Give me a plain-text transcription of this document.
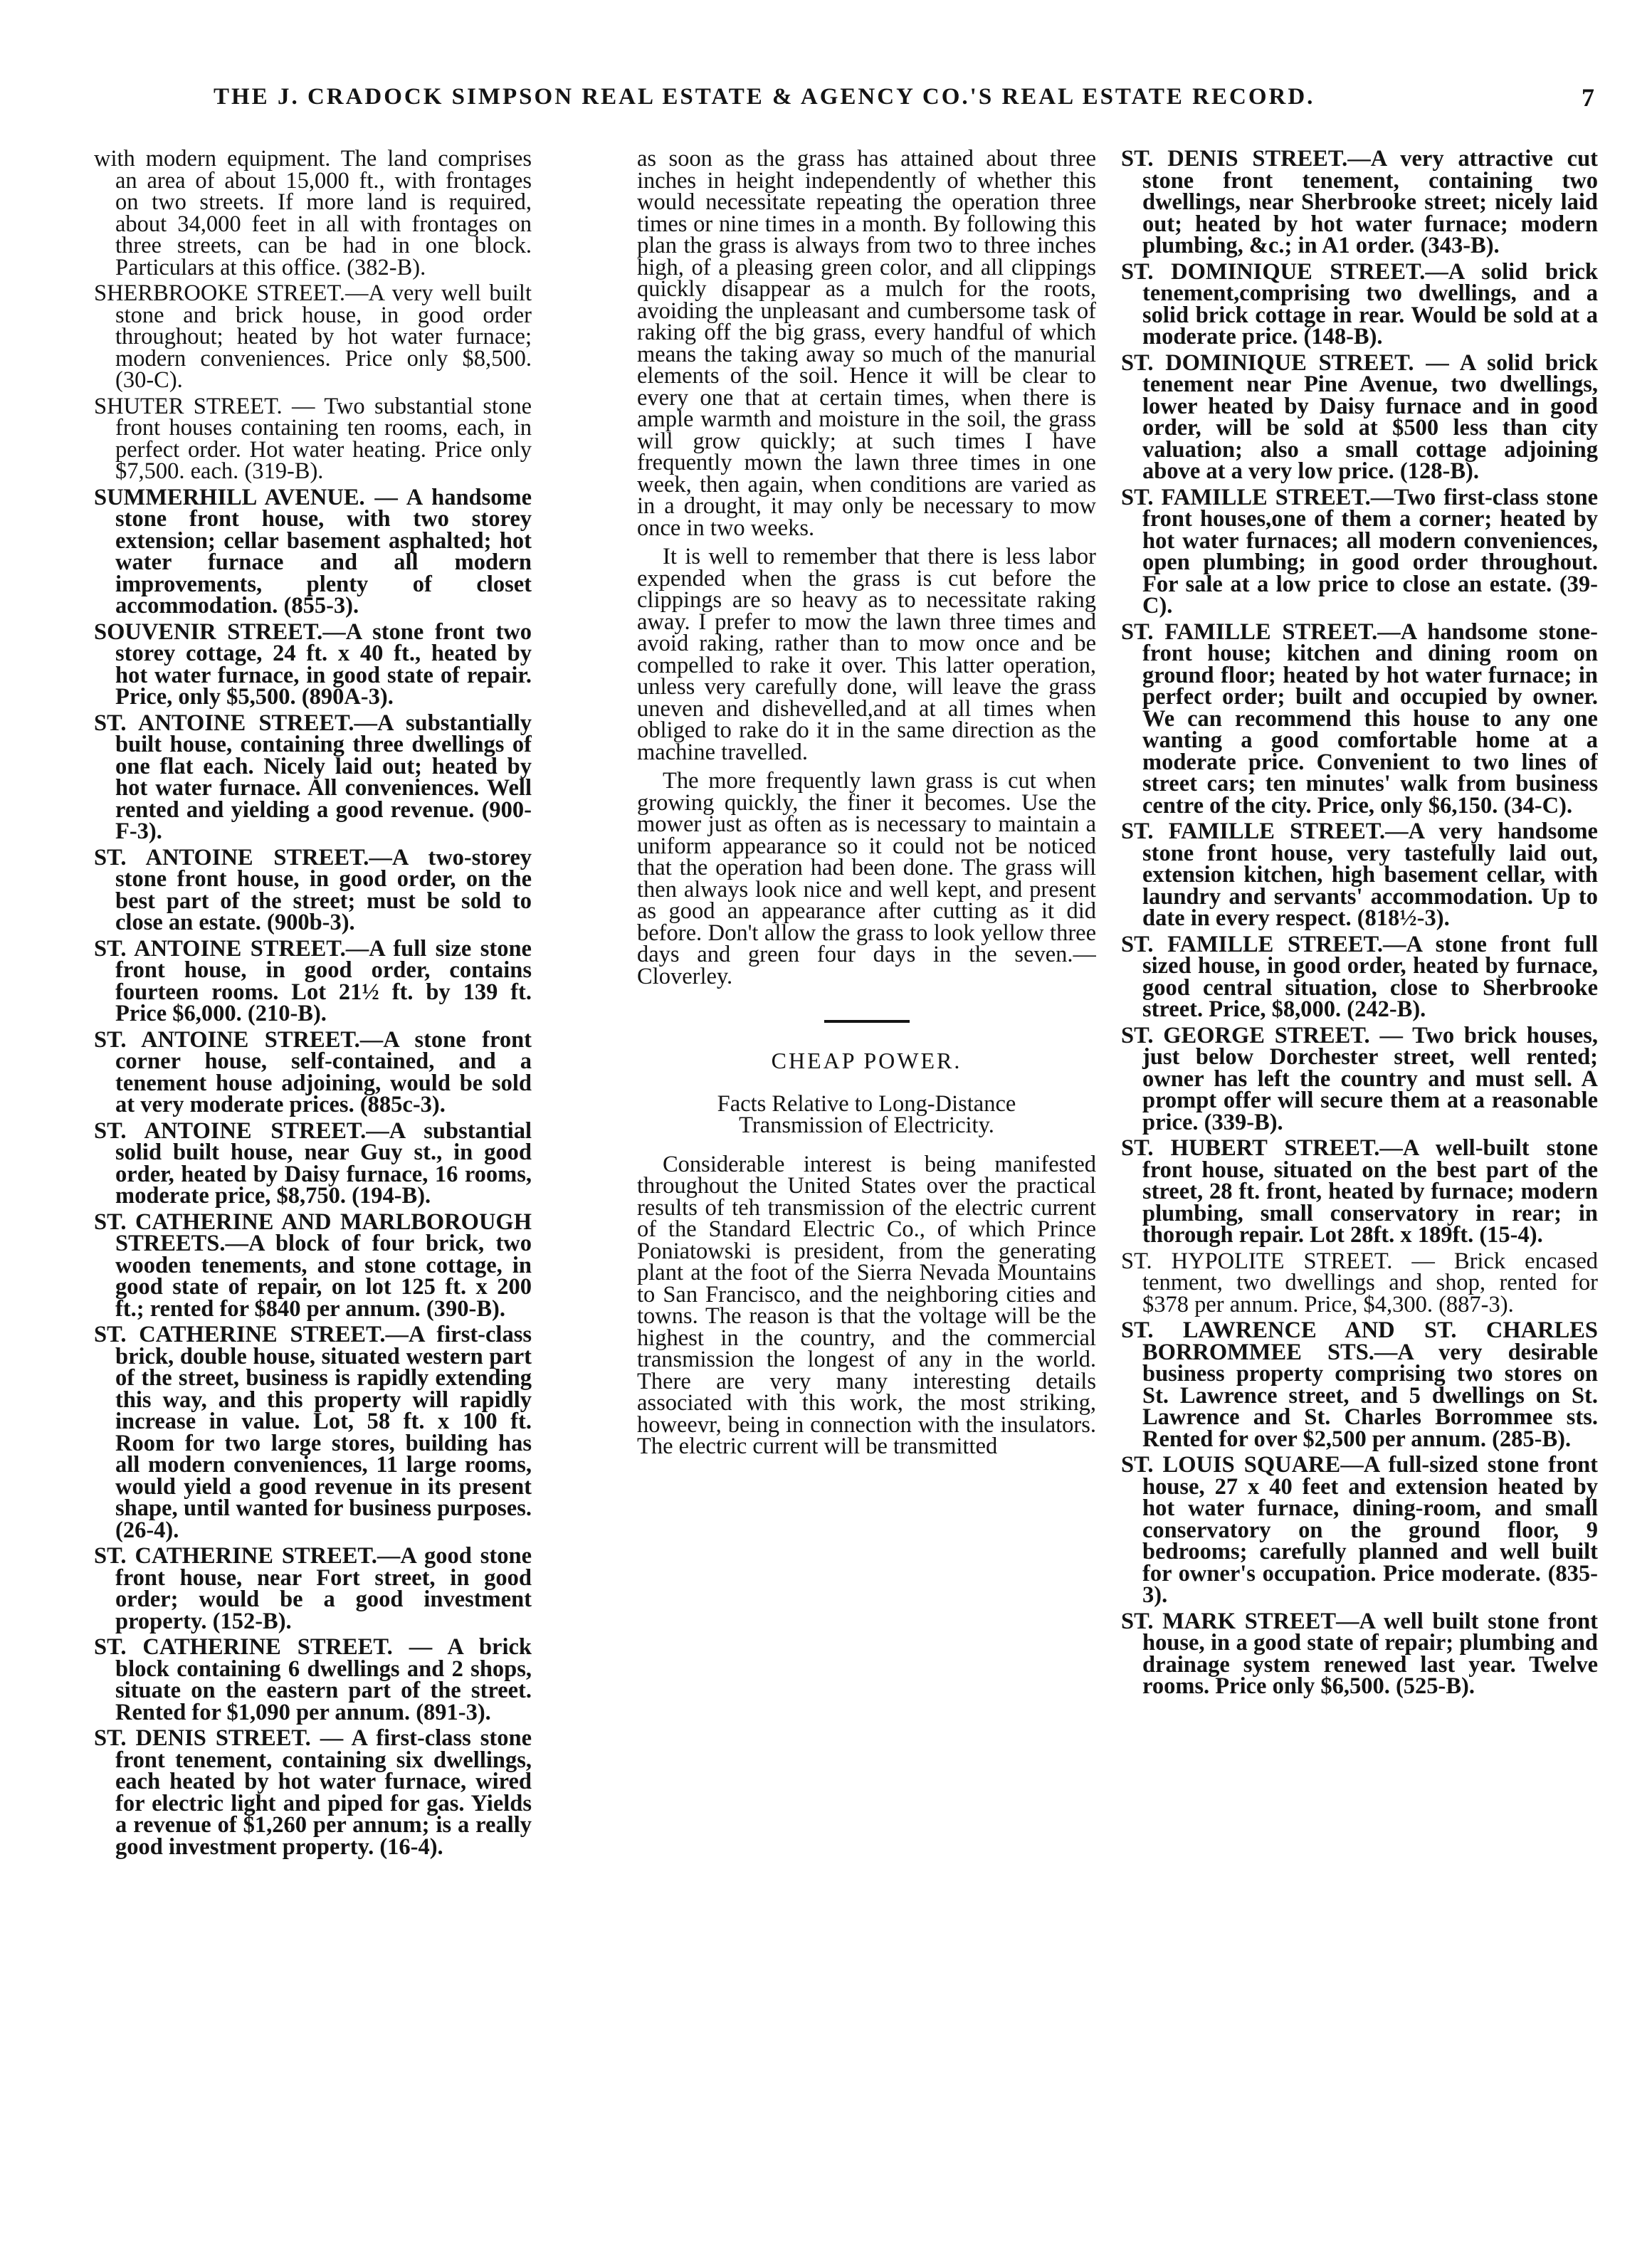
THE J. CRADOCK SIMPSON REAL ESTATE & AGENCY CO.'S REAL ESTATE RECORD.	7

with modern equipment. The land comprises an area of about 15,000 ft., with frontages on two streets. If more land is required, about 34,000 feet in all with frontages on three streets, can be had in one block. Particulars at this office. (382-B).

SHERBROOKE STREET.—A very well built stone and brick house, in good order throughout; heated by hot water furnace; modern conveniences. Price only $8,500. (30-C).

SHUTER STREET. — Two substantial stone front houses containing ten rooms, each, in perfect order. Hot water heating. Price only $7,500. each. (319-B).

SUMMERHILL AVENUE. — A handsome stone front house, with two storey extension; cellar basement asphalted; hot water furnace and all modern improvements, plenty of closet accommodation. (855-3).

SOUVENIR STREET.—A stone front two storey cottage, 24 ft. x 40 ft., heated by hot water furnace, in good state of repair. Price, only $5,500. (890A-3).

ST. ANTOINE STREET.—A substantially built house, containing three dwellings of one flat each. Nicely laid out; heated by hot water furnace. All conveniences. Well rented and yielding a good revenue. (900-F-3).

ST. ANTOINE STREET.—A two-storey stone front house, in good order, on the best part of the street; must be sold to close an estate. (900b-3).

ST. ANTOINE STREET.—A full size stone front house, in good order, contains fourteen rooms. Lot 21½ ft. by 139 ft. Price $6,000. (210-B).

ST. ANTOINE STREET.—A stone front corner house, self-contained, and a tenement house adjoining, would be sold at very moderate prices. (885c-3).

ST. ANTOINE STREET.—A substantial solid built house, near Guy st., in good order, heated by Daisy furnace, 16 rooms, moderate price, $8,750. (194-B).

ST. CATHERINE AND MARLBOROUGH STREETS.—A block of four brick, two wooden tenements, and stone cottage, in good state of repair, on lot 125 ft. x 200 ft.; rented for $840 per annum. (390-B).

ST. CATHERINE STREET.—A first-class brick, double house, situated western part of the street, business is rapidly extending this way, and this property will rapidly increase in value. Lot, 58 ft. x 100 ft. Room for two large stores, building has all modern conveniences, 11 large rooms, would yield a good revenue in its present shape, until wanted for business purposes. (26-4).

ST. CATHERINE STREET.—A good stone front house, near Fort street, in good order; would be a good investment property. (152-B).

ST. CATHERINE STREET. — A brick block containing 6 dwellings and 2 shops, situate on the eastern part of the street. Rented for $1,090 per annum. (891-3).

ST. DENIS STREET. — A first-class stone front tenement, containing six dwellings, each heated by hot water furnace, wired for electric light and piped for gas. Yields a revenue of $1,260 per annum; is a really good investment property. (16-4).

as soon as the grass has attained about three inches in height independently of whether this would necessitate repeating the operation three times or nine times in a month. By following this plan the grass is always from two to three inches high, of a pleasing green color, and all clippings quickly disappear as a mulch for the roots, avoiding the unpleasant and cumbersome task of raking off the big grass, every handful of which means the taking away so much of the manurial elements of the soil. Hence it will be clear to every one that at certain times, when there is ample warmth and moisture in the soil, the grass will grow quickly; at such times I have frequently mown the lawn three times in one week, then again, when conditions are varied as in a drought, it may only be necessary to mow once in two weeks.

It is well to remember that there is less labor expended when the grass is cut before the clippings are so heavy as to necessitate raking away. I prefer to mow the lawn three times and avoid raking, rather than to mow once and be compelled to rake it over. This latter operation, unless very carefully done, will leave the grass uneven and dishevelled,and at all times when obliged to rake do it in the same direction as the machine travelled.

The more frequently lawn grass is cut when growing quickly, the finer it becomes. Use the mower just as often as is necessary to maintain a uniform appearance so it could not be noticed that the operation had been done. The grass will then always look nice and well kept, and present as good an appearance after cutting as it did before. Don't allow the grass to look yellow three days and green four days in the seven.—Cloverley.

CHEAP POWER.
Facts Relative to Long-Distance Transmission of Electricity.

Considerable interest is being manifested throughout the United States over the practical results of teh transmission of the electric current of the Standard Electric Co., of which Prince Poniatowski is president, from the generating plant at the foot of the Sierra Nevada Mountains to San Francisco, and the neighboring cities and towns. The reason is that the voltage will be the highest in the country, and the commercial transmission the longest of any in the world. There are very many interesting details associated with this work, the most striking, howeevr, being in connection with the insulators. The electric current will be transmitted

ST. DENIS STREET.—A very attractive cut stone front tenement, containing two dwellings, near Sherbrooke street; nicely laid out; heated by hot water furnace; modern plumbing, &c.; in A1 order. (343-B).

ST. DOMINIQUE STREET.—A solid brick tenement,comprising two dwellings, and a solid brick cottage in rear. Would be sold at a moderate price. (148-B).

ST. DOMINIQUE STREET. — A solid brick tenement near Pine Avenue, two dwellings, lower heated by Daisy furnace and in good order, will be sold at $500 less than city valuation; also a small cottage adjoining above at a very low price. (128-B).

ST. FAMILLE STREET.—Two first-class stone front houses,one of them a corner; heated by hot water furnaces; all modern conveniences, open plumbing; in good order throughout. For sale at a low price to close an estate. (39-C).

ST. FAMILLE STREET.—A handsome stone-front house; kitchen and dining room on ground floor; heated by hot water furnace; in perfect order; built and occupied by owner. We can recommend this house to any one wanting a good comfortable home at a moderate price. Convenient to two lines of street cars; ten minutes' walk from business centre of the city. Price, only $6,150. (34-C).

ST. FAMILLE STREET.—A very handsome stone front house, very tastefully laid out, extension kitchen, high basement cellar, with laundry and servants' accommodation. Up to date in every respect. (818½-3).

ST. FAMILLE STREET.—A stone front full sized house, in good order, heated by furnace, good central situation, close to Sherbrooke street. Price, $8,000. (242-B).

ST. GEORGE STREET. — Two brick houses, just below Dorchester street, well rented; owner has left the country and must sell. A prompt offer will secure them at a reasonable price. (339-B).

ST. HUBERT STREET.—A well-built stone front house, situated on the best part of the street, 28 ft. front, heated by furnace; modern plumbing, small conservatory in rear; in thorough repair. Lot 28ft. x 189ft. (15-4).

ST. HYPOLITE STREET. — Brick encased tenment, two dwellings and shop, rented for $378 per annum. Price, $4,300. (887-3).

ST. LAWRENCE AND ST. CHARLES BORROMMEE STS.—A very desirable business property comprising two stores on St. Lawrence street, and 5 dwellings on St. Lawrence and St. Charles Borrommee sts. Rented for over $2,500 per annum. (285-B).

ST. LOUIS SQUARE—A full-sized stone front house, 27 x 40 feet and extension heated by hot water furnace, dining-room, and small conservatory on the ground floor, 9 bedrooms; carefully planned and well built for owner's occupation. Price moderate. (835-3).

ST. MARK STREET—A well built stone front house, in a good state of repair; plumbing and drainage system renewed last year. Twelve rooms. Price only $6,500. (525-B).
